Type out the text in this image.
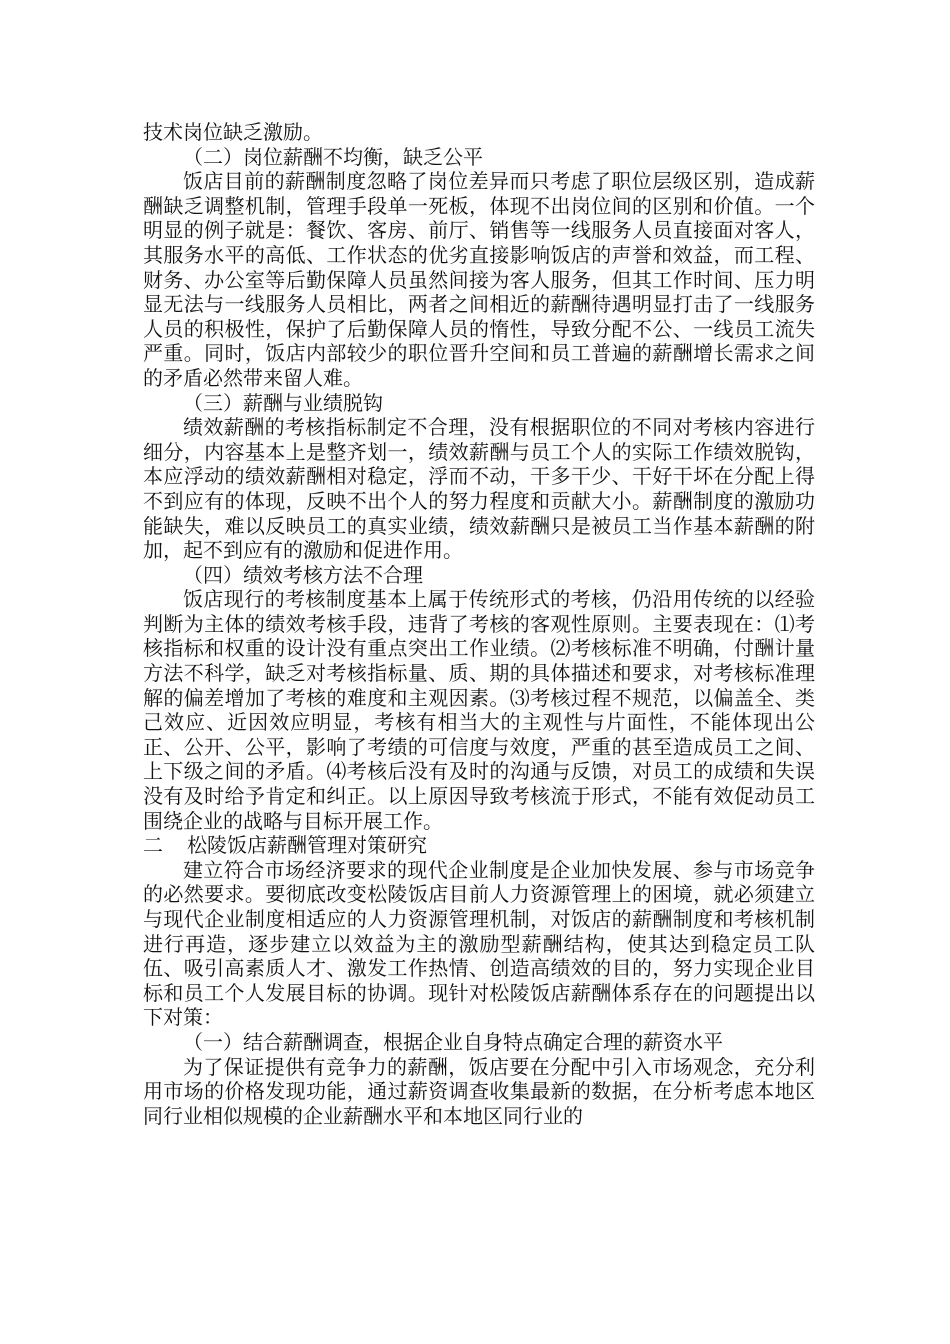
技术岗位缺乏激励。

（二）岗位薪酬不均衡，缺乏公平

饭店目前的薪酬制度忽略了岗位差异而只考虑了职位层级区别，造成薪酬缺乏调整机制，管理手段单一死板，体现不出岗位间的区别和价值。一个明显的例子就是：餐饮、客房、前厅、销售等一线服务人员直接面对客人，其服务水平的高低、工作状态的优劣直接影响饭店的声誉和效益，而工程、财务、办公室等后勤保障人员虽然间接为客人服务，但其工作时间、压力明显无法与一线服务人员相比，两者之间相近的薪酬待遇明显打击了一线服务人员的积极性，保护了后勤保障人员的惰性，导致分配不公、一线员工流失严重。同时，饭店内部较少的职位晋升空间和员工普遍的薪酬增长需求之间的矛盾必然带来留人难。

（三）薪酬与业绩脱钩

绩效薪酬的考核指标制定不合理，没有根据职位的不同对考核内容进行细分，内容基本上是整齐划一，绩效薪酬与员工个人的实际工作绩效脱钩，本应浮动的绩效薪酬相对稳定，浮而不动，干多干少、干好干坏在分配上得不到应有的体现，反映不出个人的努力程度和贡献大小。薪酬制度的激励功能缺失，难以反映员工的真实业绩，绩效薪酬只是被员工当作基本薪酬的附加，起不到应有的激励和促进作用。

（四）绩效考核方法不合理

饭店现行的考核制度基本上属于传统形式的考核，仍沿用传统的以经验判断为主体的绩效考核手段，违背了考核的客观性原则。主要表现在：⑴考核指标和权重的设计没有重点突出工作业绩。⑵考核标准不明确，付酬计量方法不科学，缺乏对考核指标量、质、期的具体描述和要求，对考核标准理解的偏差增加了考核的难度和主观因素。⑶考核过程不规范，以偏盖全、类己效应、近因效应明显，考核有相当大的主观性与片面性，不能体现出公正、公开、公平，影响了考绩的可信度与效度，严重的甚至造成员工之间、上下级之间的矛盾。⑷考核后没有及时的沟通与反馈，对员工的成绩和失误没有及时给予肯定和纠正。以上原因导致考核流于形式，不能有效促动员工围绕企业的战略与目标开展工作。

二 松陵饭店薪酬管理对策研究

建立符合市场经济要求的现代企业制度是企业加快发展、参与市场竞争的必然要求。要彻底改变松陵饭店目前人力资源管理上的困境，就必须建立与现代企业制度相适应的人力资源管理机制，对饭店的薪酬制度和考核机制进行再造，逐步建立以效益为主的激励型薪酬结构，使其达到稳定员工队伍、吸引高素质人才、激发工作热情、创造高绩效的目的，努力实现企业目标和员工个人发展目标的协调。现针对松陵饭店薪酬体系存在的问题提出以下对策：

（一）结合薪酬调查，根据企业自身特点确定合理的薪资水平

为了保证提供有竞争力的薪酬，饭店要在分配中引入市场观念，充分利用市场的价格发现功能，通过薪资调查收集最新的数据，在分析考虑本地区同行业相似规模的企业薪酬水平和本地区同行业的
